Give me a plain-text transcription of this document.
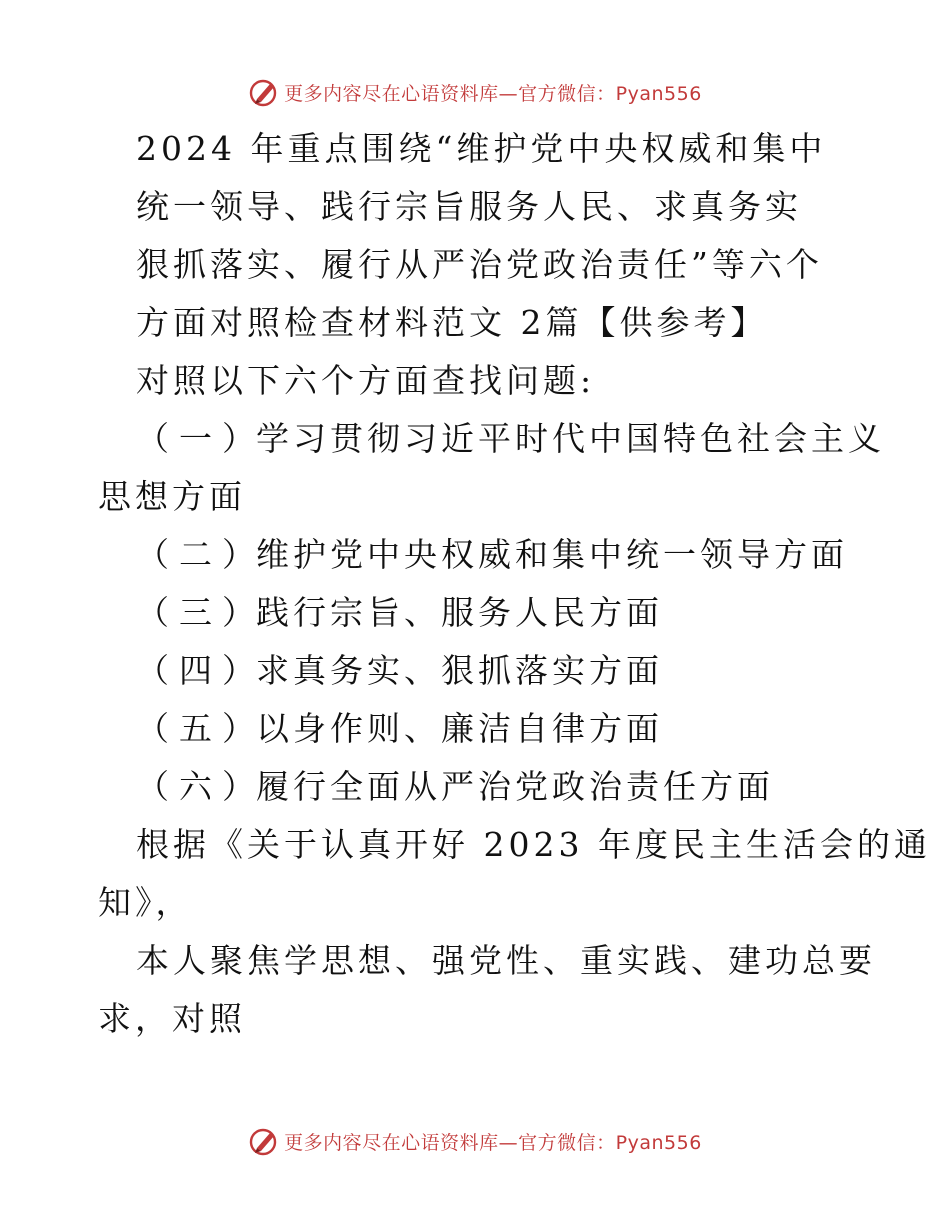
更多内容尽在心语资料库—官方微信：Pyan556

2024 年重点围绕“维护党中央权威和集中

统一领导、践行宗旨服务人民、求真务实

狠抓落实、履行从严治党政治责任”等六个

方面对照检查材料范文 2篇【供参考】

对照以下六个方面查找问题:

（一）学习贯彻习近平时代中国特色社会主义

思想方面

（二）维护党中央权威和集中统一领导方面

（三）践行宗旨、服务人民方面

（四）求真务实、狠抓落实方面

（五）以身作则、廉洁自律方面

（六）履行全面从严治党政治责任方面

根据《关于认真开好 2023 年度民主生活会的通

知》，

本人聚焦学思想、强党性、重实践、建功总要

求，对照

更多内容尽在心语资料库—官方微信：Pyan556
